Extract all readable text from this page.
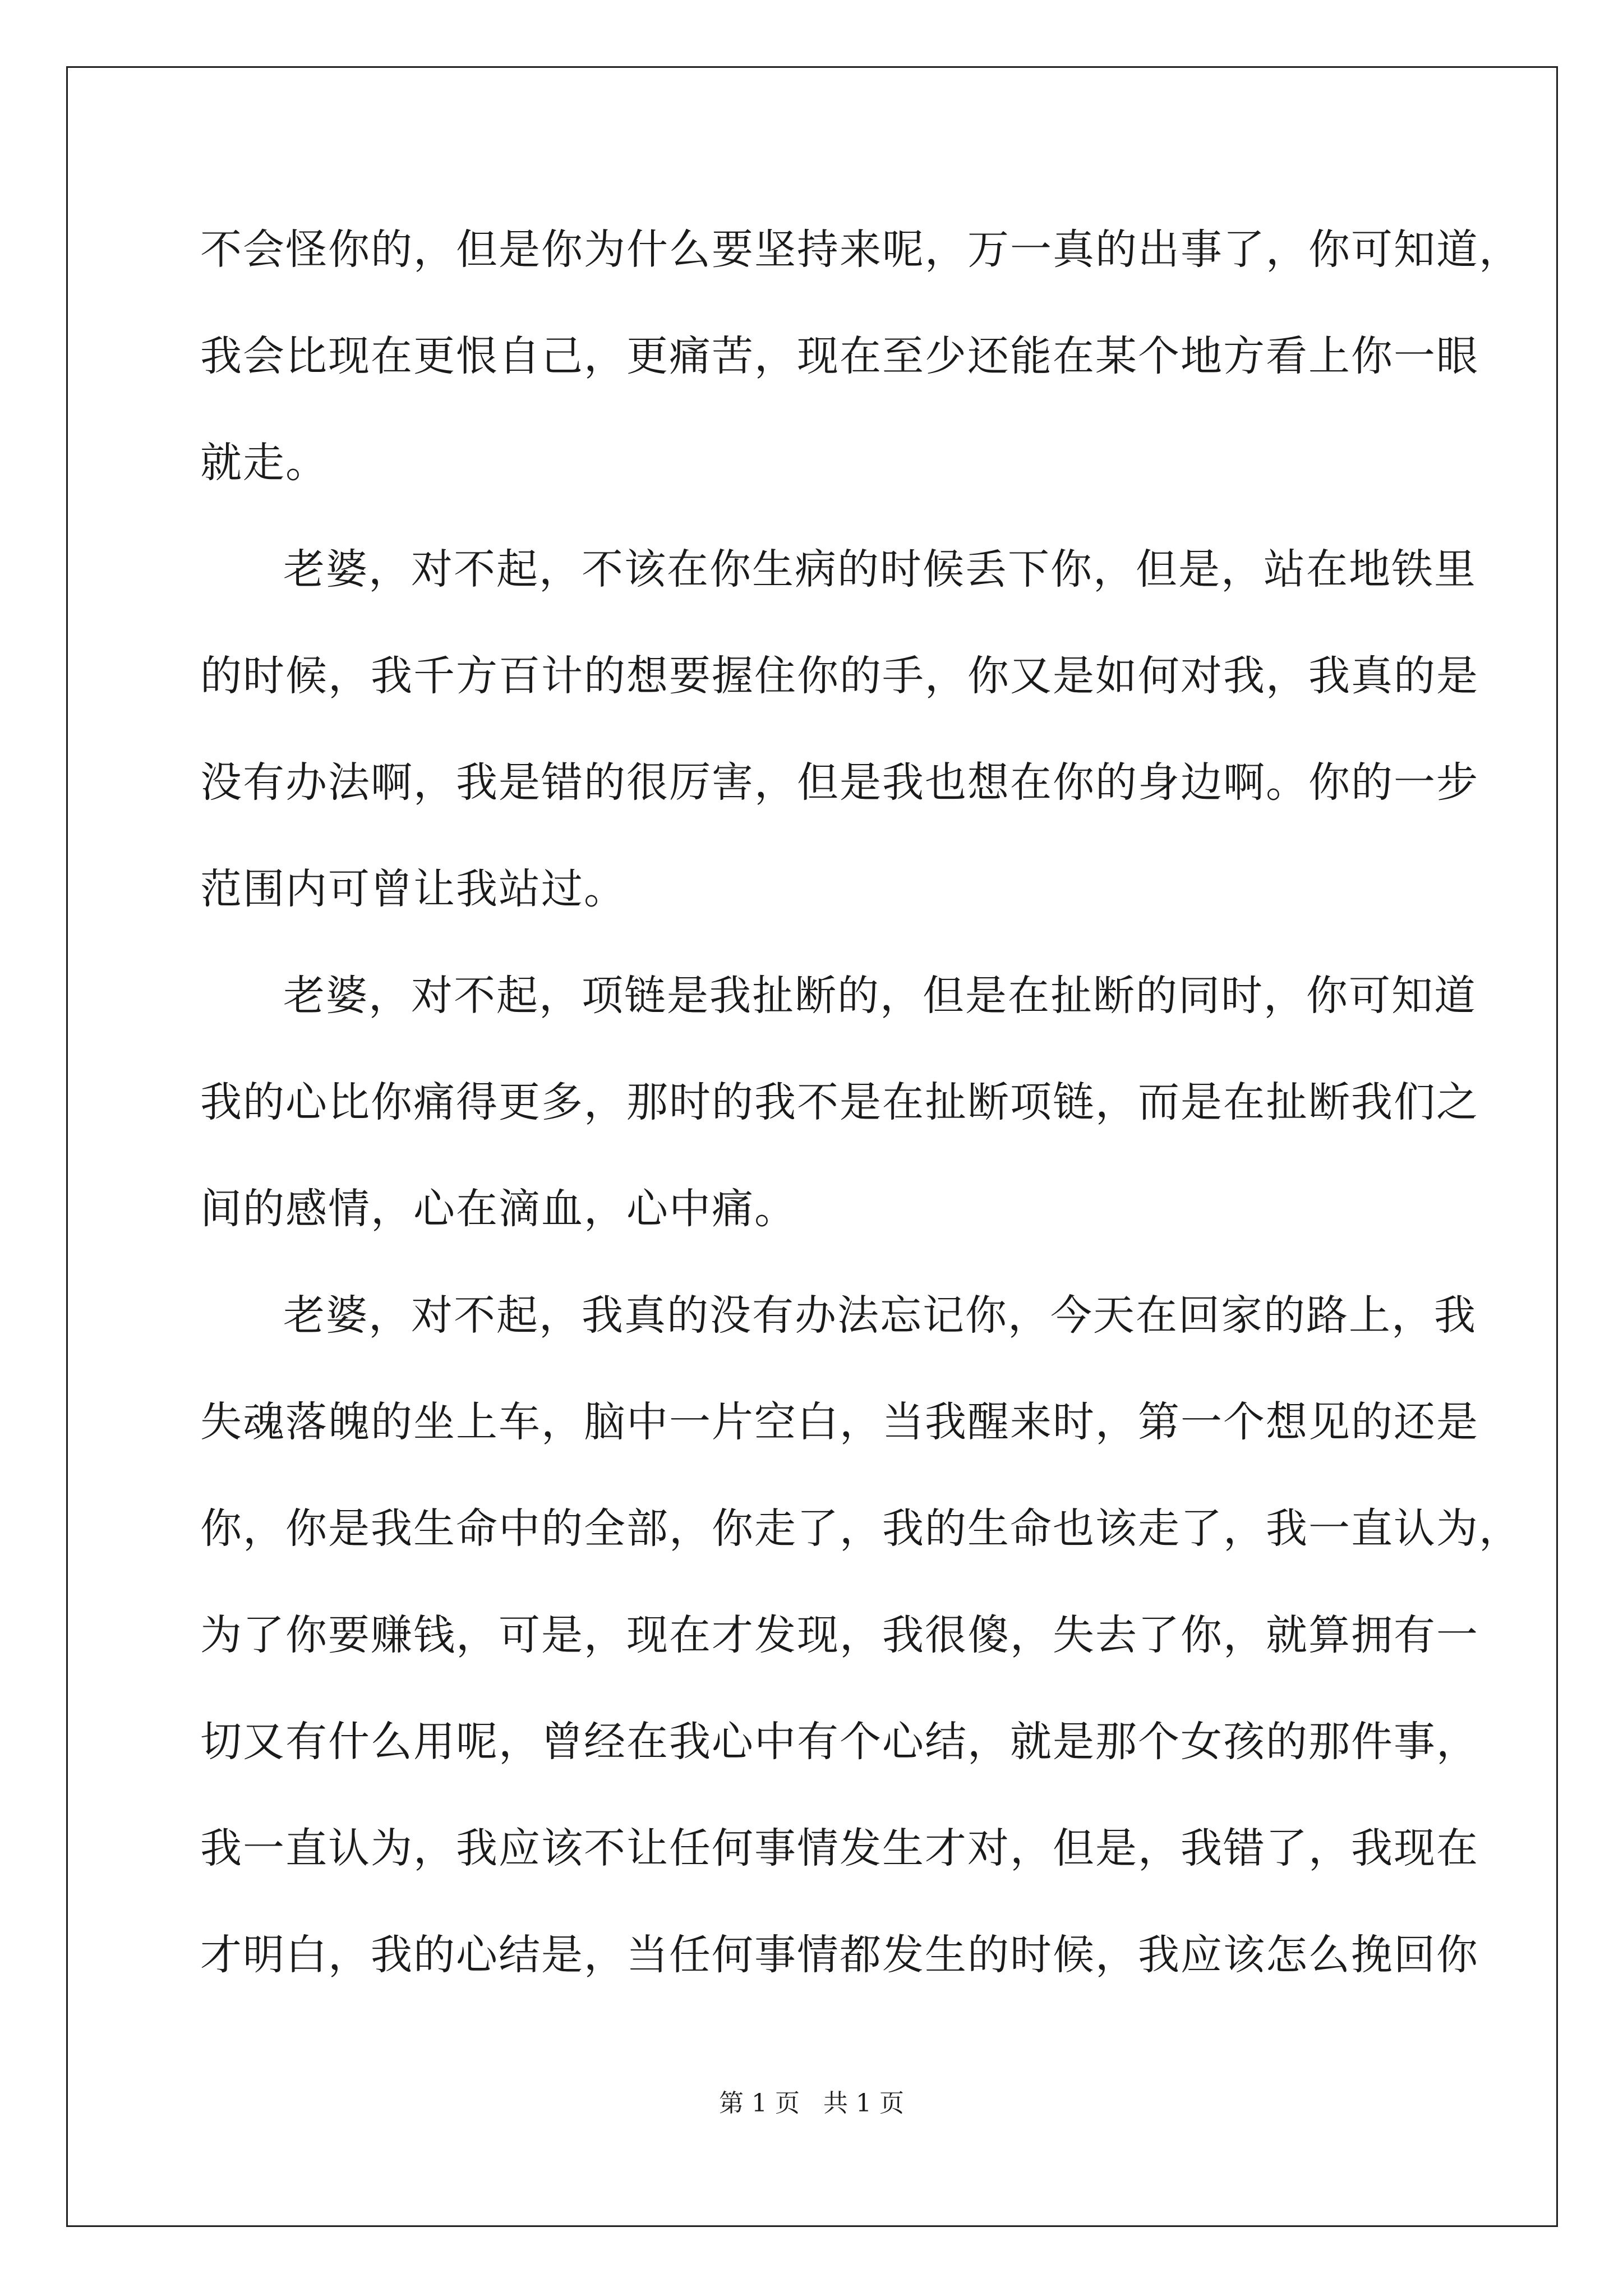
不会怪你的，但是你为什么要坚持来呢，万一真的出事了，你可知道，
我会比现在更恨自己，更痛苦，现在至少还能在某个地方看上你一眼
就走。
老婆，对不起，不该在你生病的时候丢下你，但是，站在地铁里
的时候，我千方百计的想要握住你的手，你又是如何对我，我真的是
没有办法啊，我是错的很厉害，但是我也想在你的身边啊。你的一步
范围内可曾让我站过。
老婆，对不起，项链是我扯断的，但是在扯断的同时，你可知道
我的心比你痛得更多，那时的我不是在扯断项链，而是在扯断我们之
间的感情，心在滴血，心中痛。
老婆，对不起，我真的没有办法忘记你，今天在回家的路上，我
失魂落魄的坐上车，脑中一片空白，当我醒来时，第一个想见的还是
你，你是我生命中的全部，你走了，我的生命也该走了，我一直认为，
为了你要赚钱，可是，现在才发现，我很傻，失去了你，就算拥有一
切又有什么用呢，曾经在我心中有个心结，就是那个女孩的那件事，
我一直认为，我应该不让任何事情发生才对，但是，我错了，我现在
才明白，我的心结是，当任何事情都发生的时候，我应该怎么挽回你
第 1 页   共 1 页
